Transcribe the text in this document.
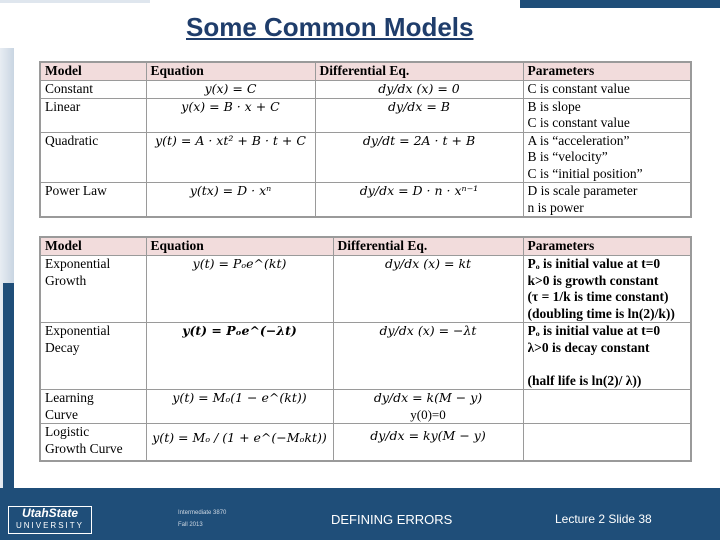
Some Common Models
Model	Equation	Differential Eq.	Parameters

Constant	y(x) = C	dy/dx (x) = 0	C is constant value

Linear	y(x) = B · x + C	dy/dx = B	B is slope
C is constant value

Quadratic	y(t) = A · xt² + B · t + C	dy/dt = 2A · t + B	A is “acceleration”
B is “velocity”
C is “initial position”

Power Law	y(tx) = D · xⁿ	dy/dx = D · n · xⁿ⁻¹	D is scale parameter
n is power
Model	Equation	Differential Eq.	Parameters

Exponential
Growth	y(t) = Pₒe^(kt)	dy/dx (x) = kt	Pₒ is initial value at t=0
k>0 is growth constant
(τ = 1/k is time constant)
(doubling time is ln(2)/k))

Exponential
Decay	y(t) = Pₒe^(−λt)	dy/dx (x) = −λt	Pₒ is initial value at t=0
λ>0 is decay constant
(half life is ln(2)/ λ))

Learning
Curve	y(t) = Mₒ(1 − e^(kt))	dy/dx = k(M − y)
y(0)=0	

Logistic
Growth Curve	y(t) = Mₒ / (1 + e^(−Mₒkt))	dy/dx = ky(M − y)	

UtahState
UNIVERSITY
Intermediate 3870
Fall 2013	DEFINING ERRORS	Lecture 2 Slide 38
